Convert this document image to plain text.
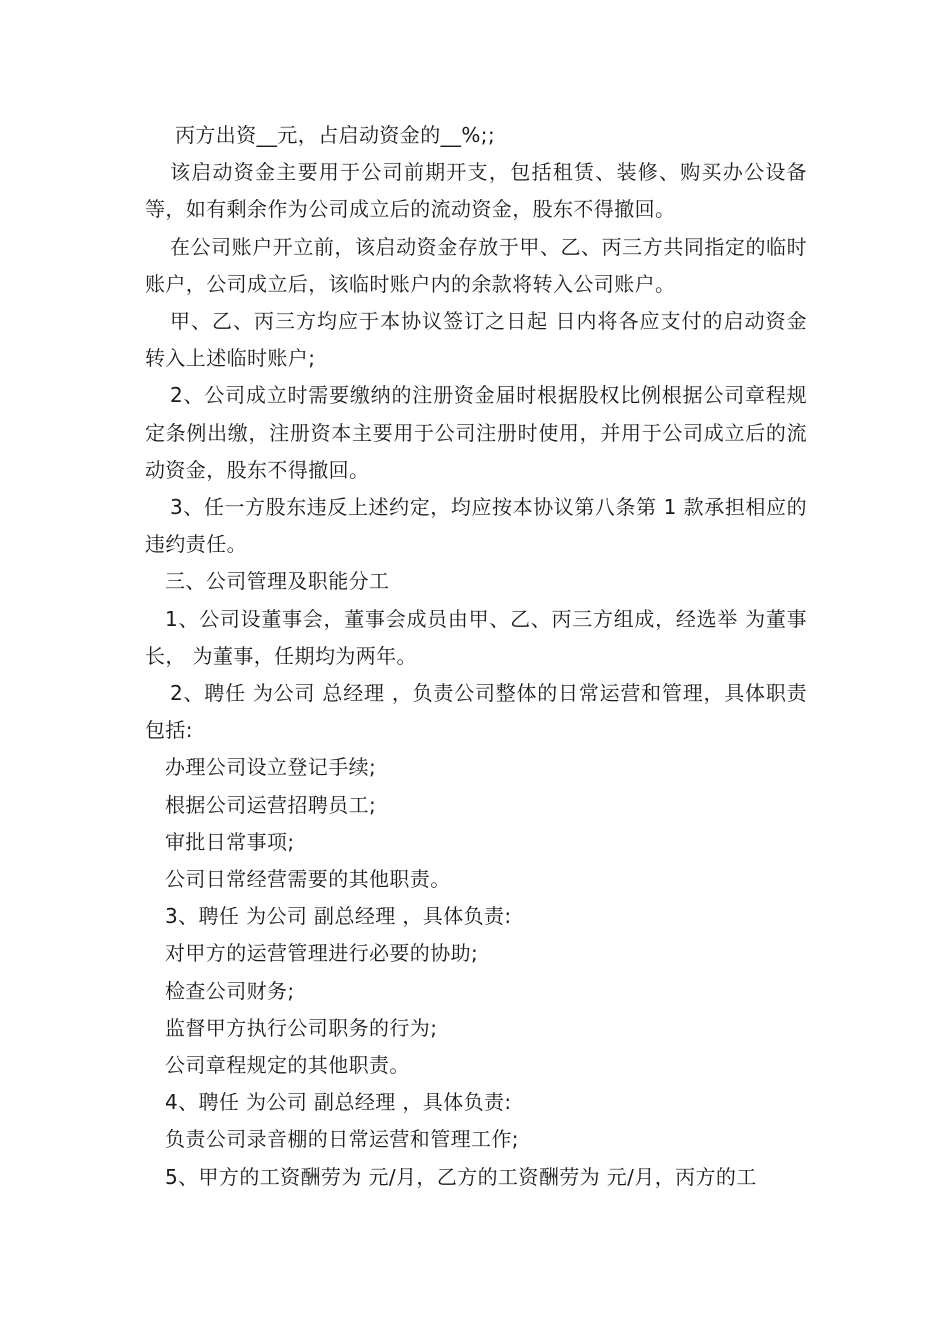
丙方出资__元，占启动资金的__%;;

该启动资金主要用于公司前期开支，包括租赁、装修、购买办公设备等，如有剩余作为公司成立后的流动资金，股东不得撤回。

在公司账户开立前，该启动资金存放于甲、乙、丙三方共同指定的临时账户，公司成立后，该临时账户内的余款将转入公司账户。

甲、乙、丙三方均应于本协议签订之日起 日内将各应支付的启动资金转入上述临时账户;

2、公司成立时需要缴纳的注册资金届时根据股权比例根据公司章程规定条例出缴，注册资本主要用于公司注册时使用，并用于公司成立后的流动资金，股东不得撤回。

3、任一方股东违反上述约定，均应按本协议第八条第 1 款承担相应的违约责任。

三、公司管理及职能分工

1、公司设董事会，董事会成员由甲、乙、丙三方组成，经选举 为董事长， 为董事，任期均为两年。

2、聘任 为公司 总经理 ，负责公司整体的日常运营和管理，具体职责包括:

办理公司设立登记手续;

根据公司运营招聘员工;

审批日常事项;

公司日常经营需要的其他职责。

3、聘任 为公司 副总经理 ，具体负责:

对甲方的运营管理进行必要的协助;

检查公司财务;

监督甲方执行公司职务的行为;

公司章程规定的其他职责。

4、聘任 为公司 副总经理 ，具体负责:

负责公司录音棚的日常运营和管理工作;

5、甲方的工资酬劳为 元/月，乙方的工资酬劳为 元/月，丙方的工
